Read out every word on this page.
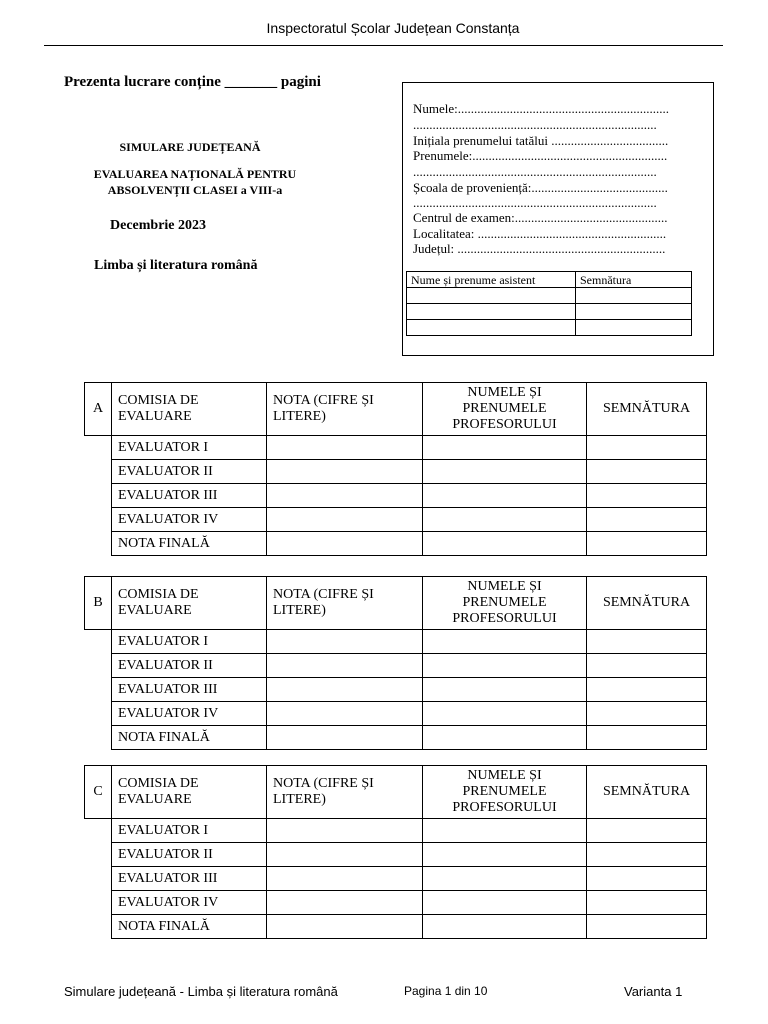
Inspectoratul Școlar Județean Constanța
Prezenta lucrare conține _______ pagini
SIMULARE JUDEȚEANĂ
EVALUAREA NAȚIONALĂ PENTRU
ABSOLVENȚII CLASEI a VIII-a
Decembrie 2023
Limba și literatura română
Numele:.................................................................
...........................................................................
Inițiala prenumelui tatălui ....................................
Prenumele:............................................................
...........................................................................
Școala de proveniență:..........................................
...........................................................................
Centrul de examen:...............................................
Localitatea: ..........................................................
Județul: ................................................................
Nume și prenume asistent	Semnătura

A	COMISIA DE EVALUARE	NOTA (CIFRE ȘI LITERE)	NUMELE ȘI PRENUMELE PROFESORULUI	SEMNĂTURA
	EVALUATOR I			
	EVALUATOR II			
	EVALUATOR III			
	EVALUATOR IV			
	NOTA FINALĂ			
B	COMISIA DE EVALUARE	NOTA (CIFRE ȘI LITERE)	NUMELE ȘI PRENUMELE PROFESORULUI	SEMNĂTURA
	EVALUATOR I			
	EVALUATOR II			
	EVALUATOR III			
	EVALUATOR IV			
	NOTA FINALĂ			
C	COMISIA DE EVALUARE	NOTA (CIFRE ȘI LITERE)	NUMELE ȘI PRENUMELE PROFESORULUI	SEMNĂTURA
	EVALUATOR I			
	EVALUATOR II			
	EVALUATOR III			
	EVALUATOR IV			
	NOTA FINALĂ			
Simulare județeană - Limba și literatura română	Pagina 1 din 10	Varianta 1
